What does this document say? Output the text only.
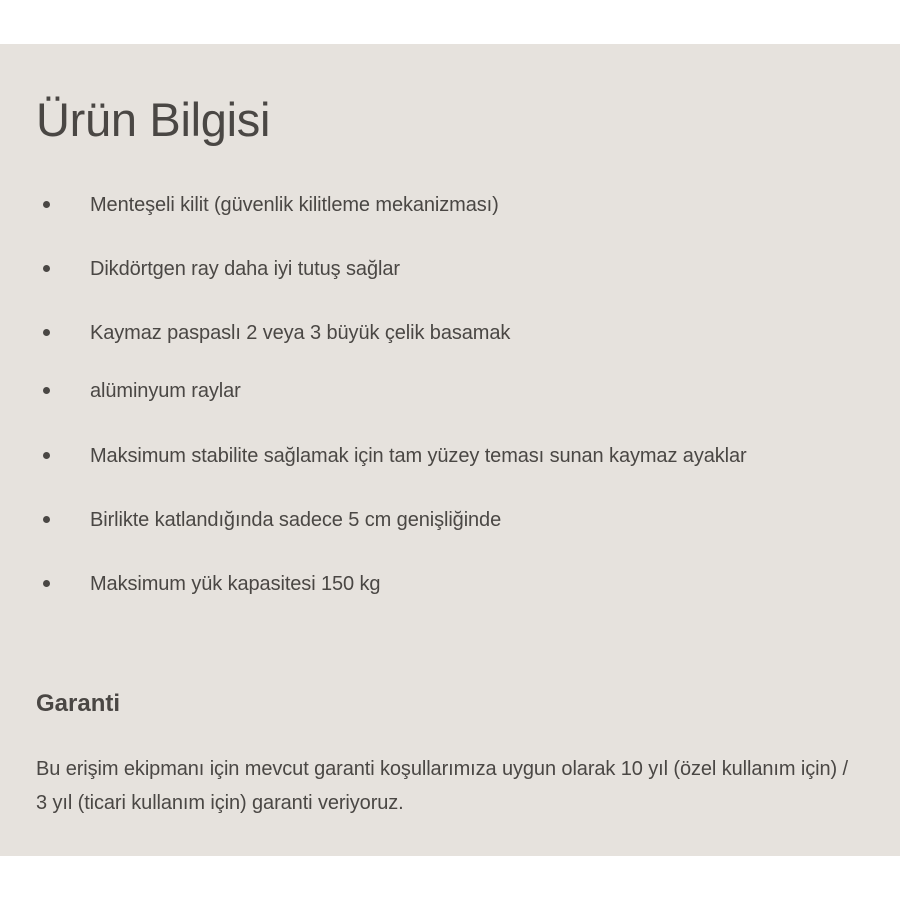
Ürün Bilgisi
Menteşeli kilit (güvenlik kilitleme mekanizması)
Dikdörtgen ray daha iyi tutuş sağlar
Kaymaz paspaslı 2 veya 3 büyük çelik basamak
alüminyum raylar
Maksimum stabilite sağlamak için tam yüzey teması sunan kaymaz ayaklar
Birlikte katlandığında sadece 5 cm genişliğinde
Maksimum yük kapasitesi 150 kg
Garanti

Bu erişim ekipmanı için mevcut garanti koşullarımıza uygun olarak 10 yıl (özel kullanım için) / 3 yıl (ticari kullanım için) garanti veriyoruz.
